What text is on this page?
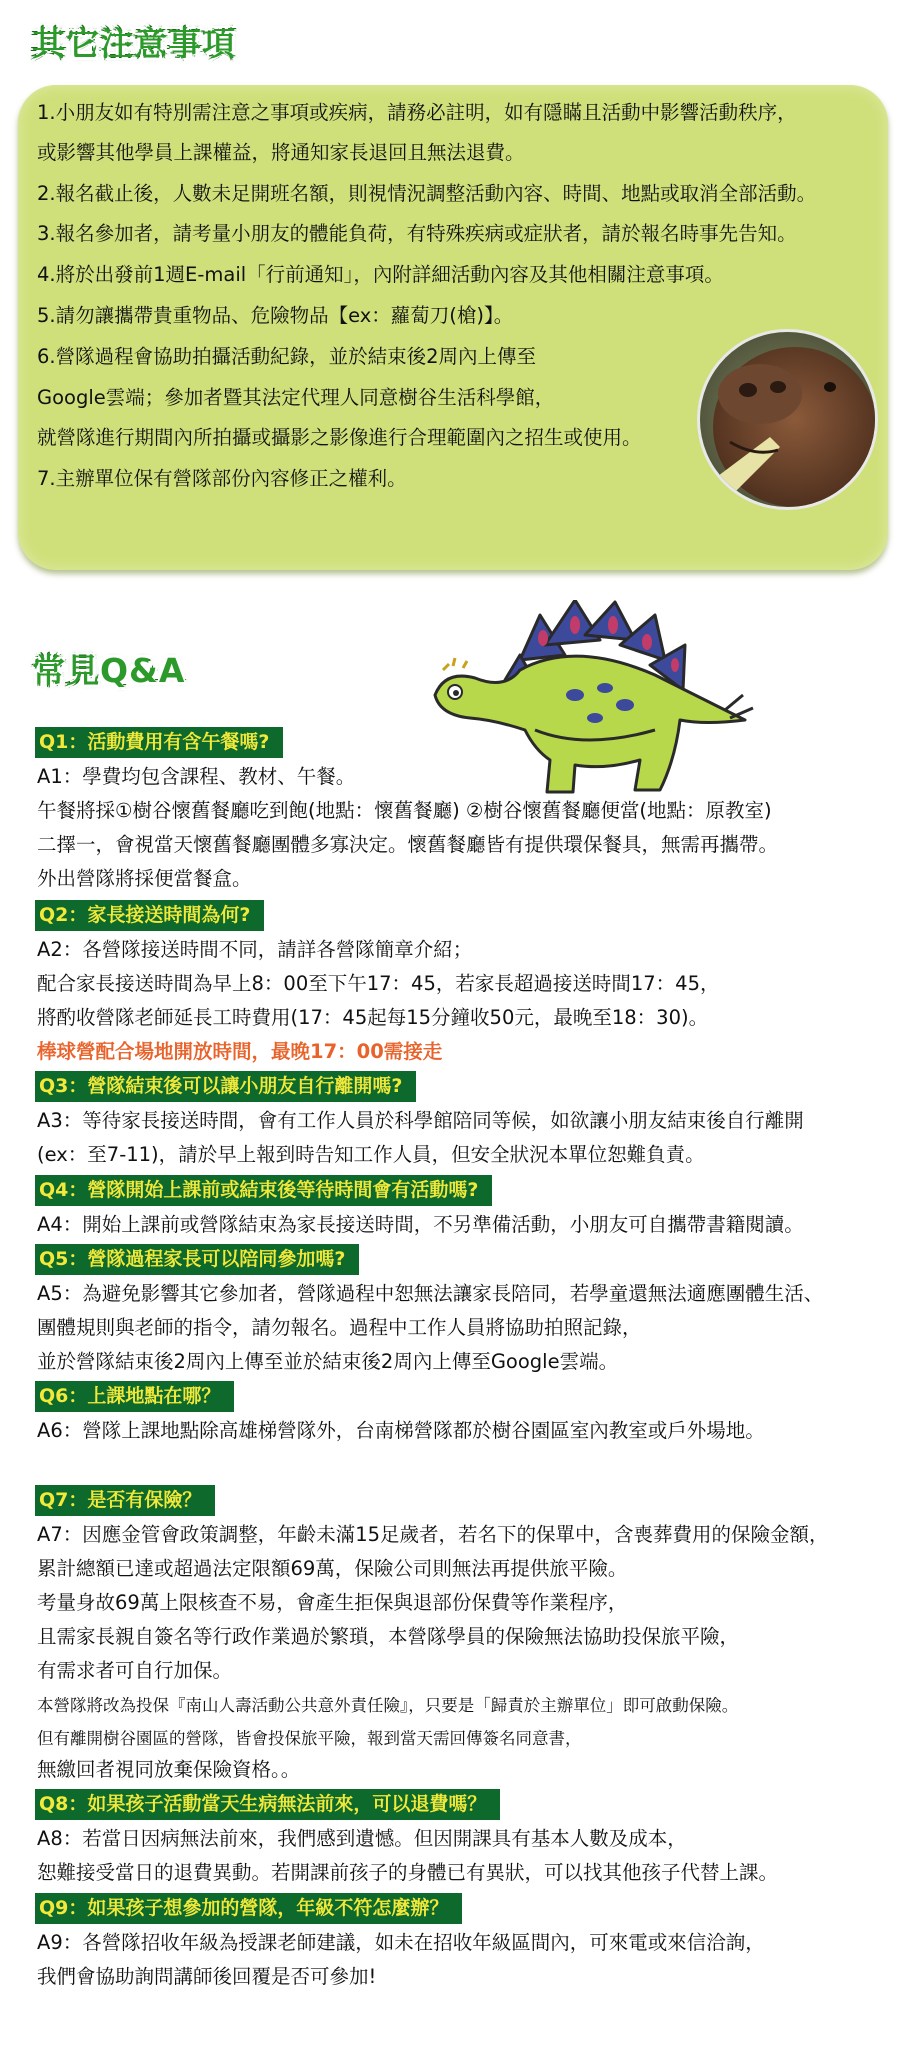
其它注意事項
1.小朋友如有特別需注意之事項或疾病，請務必註明，如有隱瞞且活動中影響活動秩序，
或影響其他學員上課權益，將通知家長退回且無法退費。
2.報名截止後，人數未足開班名額，則視情況調整活動內容、時間、地點或取消全部活動。
3.報名參加者，請考量小朋友的體能負荷，有特殊疾病或症狀者，請於報名時事先告知。
4.將於出發前1週E-mail「行前通知」，內附詳細活動內容及其他相關注意事項。
5.請勿讓攜帶貴重物品、危險物品【ex：蘿蔔刀(槍)】。
6.營隊過程會協助拍攝活動紀錄，並於結束後2周內上傳至
Google雲端；參加者暨其法定代理人同意樹谷生活科學館，
就營隊進行期間內所拍攝或攝影之影像進行合理範圍內之招生或使用。
7.主辦單位保有營隊部份內容修正之權利。
常見Q&A
Q1：活動費用有含午餐嗎?
A1：學費均包含課程、教材、午餐。
午餐將採①樹谷懷舊餐廳吃到飽(地點：懷舊餐廳) ②樹谷懷舊餐廳便當(地點：原教室)
二擇一，會視當天懷舊餐廳團體多寡決定。懷舊餐廳皆有提供環保餐具，無需再攜帶。
外出營隊將採便當餐盒。
Q2：家長接送時間為何?
A2：各營隊接送時間不同，請詳各營隊簡章介紹；
配合家長接送時間為早上8：00至下午17：45，若家長超過接送時間17：45，
將酌收營隊老師延長工時費用(17：45起每15分鐘收50元，最晚至18：30)。
棒球營配合場地開放時間，最晚17：00需接走
Q3：營隊結束後可以讓小朋友自行離開嗎?
A3：等待家長接送時間，會有工作人員於科學館陪同等候，如欲讓小朋友結束後自行離開
(ex：至7-11)，請於早上報到時告知工作人員，但安全狀況本單位恕難負責。
Q4：營隊開始上課前或結束後等待時間會有活動嗎?
A4：開始上課前或營隊結束為家長接送時間，不另準備活動，小朋友可自攜帶書籍閱讀。
Q5：營隊過程家長可以陪同參加嗎?
A5：為避免影響其它參加者，營隊過程中恕無法讓家長陪同，若學童還無法適應團體生活、
團體規則與老師的指令，請勿報名。過程中工作人員將協助拍照記錄，
並於營隊結束後2周內上傳至並於結束後2周內上傳至Google雲端。
Q6：上課地點在哪？
A6：營隊上課地點除高雄梯營隊外，台南梯營隊都於樹谷園區室內教室或戶外場地。
Q7：是否有保險？
A7：因應金管會政策調整，年齡未滿15足歲者，若名下的保單中，含喪葬費用的保險金額，
累計總額已達或超過法定限額69萬，保險公司則無法再提供旅平險。
考量身故69萬上限核查不易，會產生拒保與退部份保費等作業程序，
且需家長親自簽名等行政作業過於繁瑣，本營隊學員的保險無法協助投保旅平險，
有需求者可自行加保。
本營隊將改為投保『南山人壽活動公共意外責任險』，只要是「歸責於主辦單位」即可啟動保險。
但有離開樹谷園區的營隊，皆會投保旅平險，報到當天需回傳簽名同意書，
無繳回者視同放棄保險資格。。
Q8：如果孩子活動當天生病無法前來，可以退費嗎？
A8：若當日因病無法前來，我們感到遺憾。但因開課具有基本人數及成本，
恕難接受當日的退費異動。若開課前孩子的身體已有異狀，可以找其他孩子代替上課。
Q9：如果孩子想參加的營隊，年級不符怎麼辦？
A9：各營隊招收年級為授課老師建議，如未在招收年級區間內，可來電或來信洽詢，
我們會協助詢問講師後回覆是否可參加!
